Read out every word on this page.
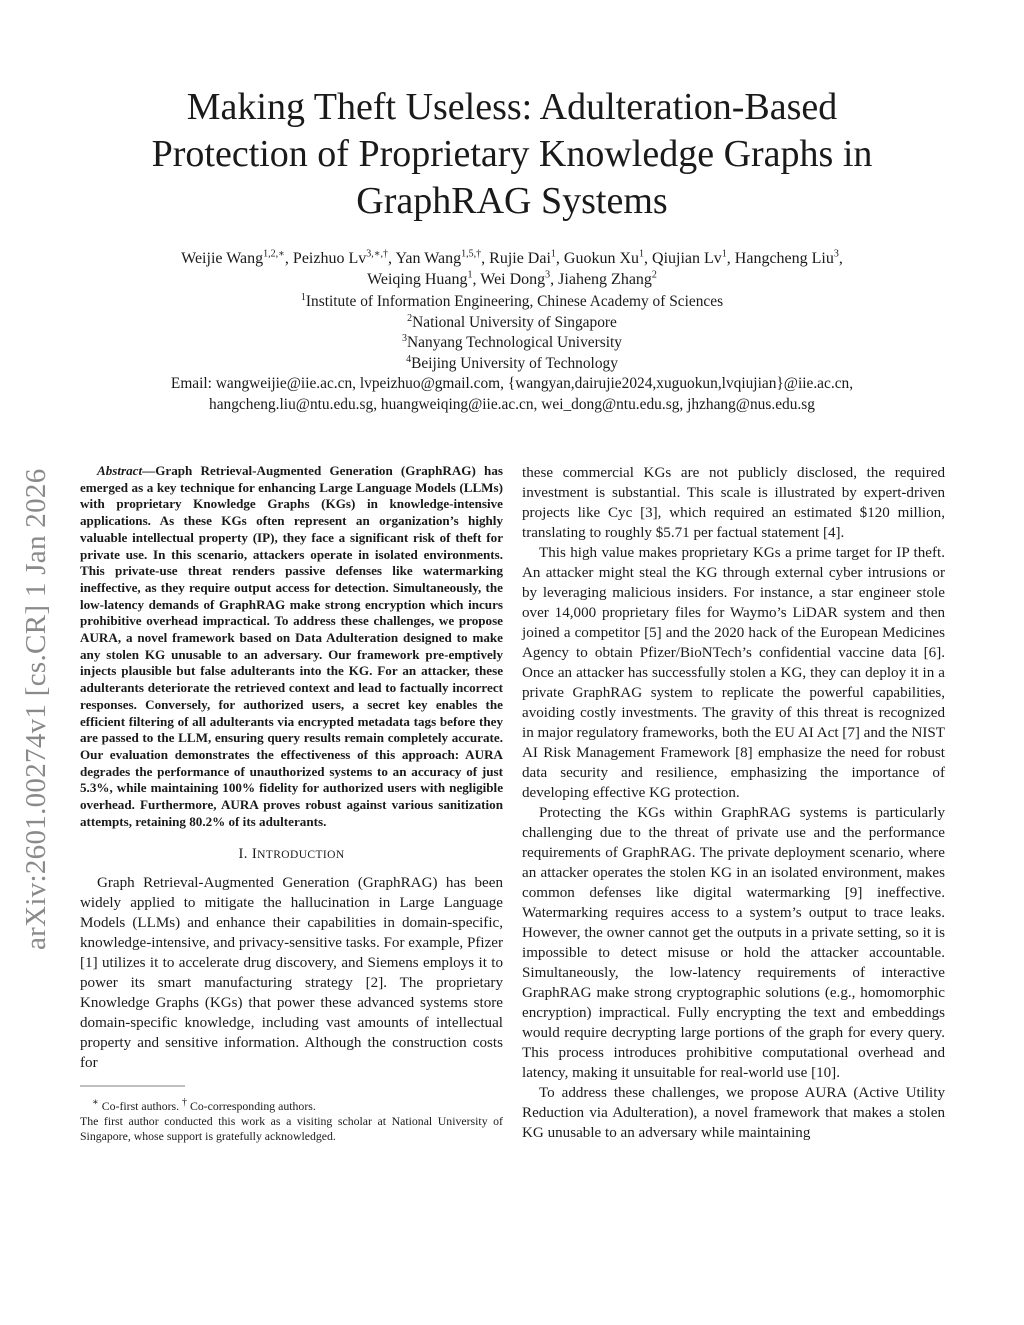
Making Theft Useless: Adulteration-Based
Protection of Proprietary Knowledge Graphs in
GraphRAG Systems
Weijie Wang$^{1,2,∗}$, Peizhuo $Lv^{3,∗,\dagger}$, Yan Wang$^{1,5,\dagger}$, Rujie Dai$^1$, Guokun Xu$^1$, Qiujian Lv$^1$, Hangcheng Liu$^3$,
Weiqing Huang$^1$, Wei Dong$^3$, Jiaheng Zhang$^2$
$^1$Institute of Information Engineering, Chinese Academy of Sciences
$^2$National University of Singapore
$^3$Nanyang Technological University
$^4$Beijing University of Technology
Email: wangweijie@iie.ac.cn, lvpeizhuo@gmail.com, {wangyan,dairujie2024,xuguokun,lvqiujian}@iie.ac.cn,
hangcheng.liu@ntu.edu.sg, huangweiqing@iie.ac.cn, wei_dong@ntu.edu.sg, jhzhang@nus.edu.sg
arXiv:2601.00274v1 [cs.CR] 1 Jan 2026	Abstract—Graph Retrieval-Augmented Generation (GraphRAG) has emerged as a key technique for enhancing Large Language Models (LLMs) with proprietary Knowledge Graphs (KGs) in knowledge-intensive applications. As these KGs often represent an organization’s highly valuable intellectual property (IP), they face a significant risk of theft for private use. In this scenario, attackers operate in isolated environments. This private-use threat renders passive defenses like watermarking ineffective, as they require output access for detection. Simultaneously, the low-latency demands of GraphRAG make strong encryption which incurs prohibitive overhead impractical. To address these challenges, we propose AURA, a novel framework based on Data Adulteration designed to make any stolen KG unusable to an adversary. Our framework pre-emptively injects plausible but false adulterants into the KG. For an attacker, these adulterants deteriorate the retrieved context and lead to factually incorrect responses. Conversely, for authorized users, a secret key enables the efficient filtering of all adulterants via encrypted metadata tags before they are passed to the LLM, ensuring query results remain completely accurate. Our evaluation demonstrates the effectiveness of this approach: AURA degrades the performance of unauthorized systems to an accuracy of just 5.3%, while maintaining 100% fidelity for authorized users with negligible overhead. Furthermore, AURA proves robust against various sanitization attempts, retaining 80.2% of its adulterants.

I. INTRODUCTION

Graph Retrieval-Augmented Generation (GraphRAG) has been widely applied to mitigate the hallucination in Large Language Models (LLMs) and enhance their capabilities in domain-specific, knowledge-intensive, and privacy-sensitive tasks. For example, Pfizer [1] utilizes it to accelerate drug discovery, and Siemens employs it to power its smart manufacturing strategy [2]. The proprietary Knowledge Graphs (KGs) that power these advanced systems store domain-specific knowledge, including vast amounts of intellectual property and sensitive information. Although the construction costs for

∗ Co-first authors. † Co-corresponding authors.

The first author conducted this work as a visiting scholar at National University of Singapore, whose support is gratefully acknowledged.

these commercial KGs are not publicly disclosed, the required investment is substantial. This scale is illustrated by expert-driven projects like Cyc [3], which required an estimated $120 million, translating to roughly $5.71 per factual statement [4].

This high value makes proprietary KGs a prime target for IP theft. An attacker might steal the KG through external cyber intrusions or by leveraging malicious insiders. For instance, a star engineer stole over 14,000 proprietary files for Waymo’s LiDAR system and then joined a competitor [5] and the 2020 hack of the European Medicines Agency to obtain Pfizer/BioNTech’s confidential vaccine data [6]. Once an attacker has successfully stolen a KG, they can deploy it in a private GraphRAG system to replicate the powerful capabilities, avoiding costly investments. The gravity of this threat is recognized in major regulatory frameworks, both the EU AI Act [7] and the NIST AI Risk Management Framework [8] emphasize the need for robust data security and resilience, emphasizing the importance of developing effective KG protection.

Protecting the KGs within GraphRAG systems is particularly challenging due to the threat of private use and the performance requirements of GraphRAG. The private deployment scenario, where an attacker operates the stolen KG in an isolated environment, makes common defenses like digital watermarking [9] ineffective. Watermarking requires access to a system’s output to trace leaks. However, the owner cannot get the outputs in a private setting, so it is impossible to detect misuse or hold the attacker accountable. Simultaneously, the low-latency requirements of interactive GraphRAG make strong cryptographic solutions (e.g., homomorphic encryption) impractical. Fully encrypting the text and embeddings would require decrypting large portions of the graph for every query. This process introduces prohibitive computational overhead and latency, making it unsuitable for real-world use [10].

To address these challenges, we propose AURA (Active Utility Reduction via Adulteration), a novel framework that makes a stolen KG unusable to an adversary while maintaining
